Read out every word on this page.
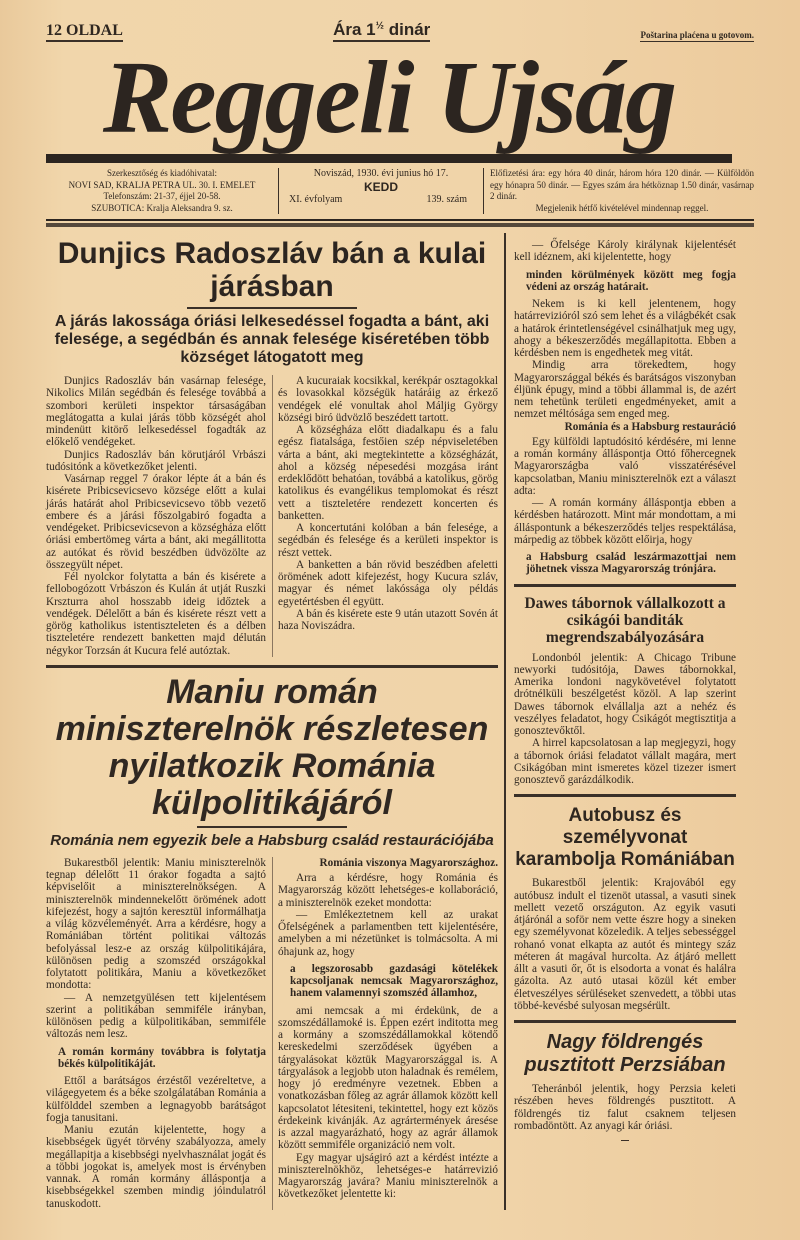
12 OLDAL	Ára $1^{\frac{1}{2}}$ dinár	Poštarina plaćena u gotovom.
Reggeli Ujság
Szerkesztőség és kiadóhivatal:
NOVI SAD, KRALJA PETRA UL. 30. I. EMELET
Telefonszám: 21-37, éjjel 20-58.
SZUBOTICA: Kralja Aleksandra 9. sz.
Noviszád, 1930. évi junius hó 17.
KEDD
XI. évfolyam	139. szám
Előfizetési ára: egy hóra 40 dinár, három hóra 120 dinár. — Külföldön egy hónapra 50 dinár. — Egyes szám ára hétköznap 1.50 dinár, vasárnap 2 dinár.
Megjelenik hétfő kivételével mindennap reggel.
Dunjics Radoszláv bán a kulai járásban
A járás lakossága óriási lelkesedéssel fogadta a bánt, aki felesége, a segédbán és annak felesége kiséretében több községet látogatott meg

Dunjics Radoszláv bán vasárnap felesége, Nikolics Milán segédbán és felesége továbbá a szombori kerületi inspektor társaságában meglátogatta a kulai járás több községét ahol mindenütt kitörő lelkesedéssel fogadták az előkelő vendégeket.

Dunjics Radoszláv bán körutjáról Vrbászi tudósitónk a következőket jelenti.

Vasárnap reggel 7 órakor lépte át a bán és kisérete Pribicsevicsevo községe előtt a kulai járás határát ahol Pribicsevicsevo több vezető embere és a járási főszolgabiró fogadta a vendégeket. Pribicsevicsevon a községháza előtt óriási embertömeg várta a bánt, aki megállitotta az autókat és rövid beszédben üdvözölte az összegyült népet.

Fél nyolckor folytatta a bán és kisérete a fellobogózott Vrbászon és Kulán át utját Ruszki Krszturra ahol hosszabb ideig időztek a vendégek. Délelőtt a bán és kisérete részt vett a görög katholikus istentiszteleten és a délben tiszteletére rendezett banketten majd délután négykor Torzsán át Kucura felé autóztak.

A kucuraiak kocsikkal, kerékpár osztagokkal és lovasokkal községük határáig az érkező vendégek elé vonultak ahol Máljig György községi biró üdvözlő beszédett tartott.

A községháza előtt diadalkapu és a falu egész fiatalsága, festőien szép népviseletében várta a bánt, aki megtekintette a községházát, ahol a község népesedési mozgása iránt erdeklődött behatóan, továbbá a katolikus, görög katolikus és evangélikus templomokat és részt vett a tiszteletére rendezett koncerten és banketten.

A koncertutáni kolóban a bán felesége, a segédbán és felesége és a kerületi inspektor is részt vettek.

A banketten a bán rövid beszédben afeletti örömének adott kifejezést, hogy Kucura szláv, magyar és német lakóssága oly példás egyetértésben él együtt.

A bán és kisérete este 9 után utazott Sovén át haza Noviszádra.

Maniu román miniszterelnök részletesen nyilatkozik Románia külpolitikájáról
Románia nem egyezik bele a Habsburg család restaurációjába

Bukarestből jelentik: Maniu miniszterelnök tegnap délelőtt 11 órakor fogadta a sajtó képviselőit a miniszterelnökségen. A miniszterelnök mindennekelőtt örömének adott kifejezést, hogy a sajtón keresztül informálhatja a világ közvéleményét. Arra a kérdésre, hogy a Romániában történt politikai változás befolyással lesz-e az ország külpolitikájára, különösen pedig a szomszéd országokkal folytatott politikára, Maniu a következőket mondotta:

— A nemzetgyülésen tett kijelentésem szerint a politikában semmiféle irányban, különösen pedig a külpolitikában, semmiféle változás nem lesz.

A román kormány továbbra is folytatja békés külpolitikáját.

Ettől a barátságos érzéstől vezéreltetve, a világegyetem és a béke szolgálatában Románia a külfölddel szemben a legnagyobb barátságot fogja tanusitani.

Maniu ezután kijelentette, hogy a kisebbségek ügyét törvény szabályozza, amely megállapitja a kisebbségi nyelvhasználat jogát és a többi jogokat is, amelyek most is érvényben vannak. A román kormány álláspontja a kisebbségekkel szemben mindig jóindulatról tanuskodott.

Románia viszonya Magyarországhoz.

Arra a kérdésre, hogy Románia és Magyarország között lehetséges-e kollaboráció, a miniszterelnök ezeket mondotta:

— Emlékeztetnem kell az urakat Őfelségének a parlamentben tett kijelentésére, amelyben a mi nézetünket is tolmácsolta. A mi óhajunk az, hogy

a legszorosabb gazdasági kötelékek kapcsoljanak nemcsak Magyarországhoz, hanem valamennyi szomszéd államhoz,

ami nemcsak a mi érdekünk, de a szomszédállamoké is. Éppen ezért inditotta meg a kormány a szomszédállamokkal kötendő kereskedelmi szerződések ügyében a tárgyalásokat köztük Magyarországgal is. A tárgyalások a legjobb uton haladnak és remélem, hogy jó eredményre vezetnek. Ebben a vonatkozásban főleg az agrár államok között kell kapcsolatot létesiteni, tekintettel, hogy ezt közös érdekeink kivánják. Az agrártermények áresése is azzal magyarázható, hogy az agrár államok között semmiféle organizáció nem volt.

Egy magyar ujságiró azt a kérdést intézte a miniszterelnökhöz, lehetséges-e határrevizió Magyarország javára? Maniu miniszterelnök a következőket jelentette ki:

— Őfelsége Károly királynak kijelentését kell idéznem, aki kijelentette, hogy

minden körülmények között meg fogja védeni az ország határait.

Nekem is ki kell jelentenem, hogy határrevizióról szó sem lehet és a világbékét csak a határok érintetlenségével csinálhatjuk meg ugy, ahogy a békeszerződés megállapitotta. Ebben a kérdésben nem is engedhetek meg vitát.

Mindig arra törekedtem, hogy Magyarországgal békés és barátságos viszonyban éljünk épugy, mind a többi állammal is, de azért nem tehetünk területi engedményeket, amit a nemzet méltósága sem enged meg.

Románia és a Habsburg restauráció

Egy külföldi laptudósitó kérdésére, mi lenne a román kormány álláspontja Ottó főhercegnek Magyarországba való visszatérésével kapcsolatban, Maniu miniszterelnök ezt a választ adta:

— A román kormány álláspontja ebben a kérdésben határozott. Mint már mondottam, a mi álláspontunk a békeszerződés teljes respektálása, márpedig az többek között előirja, hogy

a Habsburg család leszármazottjai nem jöhetnek vissza Magyarország trónjára.

Dawes tábornok vállalkozott a csikágói banditák megrendszabályozására

Londonból jelentik: A Chicago Tribune newyorki tudósitója, Dawes tábornokkal, Amerika londoni nagykövetével folytatott drótnélküli beszélgetést közöl. A lap szerint Dawes tábornok elvállalja azt a nehéz és veszélyes feladatot, hogy Csikágót megtisztitja a gonosztevőktől.

A hirrel kapcsolatosan a lap megjegyzi, hogy a tábornok óriási feladatot vállalt magára, mert Csikágóban mint ismeretes közel tizezer ismert gonosztevő garázdálkodik.

Autobusz és személyvonat karambolja Romániában

Bukarestből jelentik: Krajovából egy autóbusz indult el tizenöt utassal, a vasuti sinek mellett vezető országuton. Az egyik vasuti átjárónál a soför nem vette észre hogy a sineken egy személyvonat közeledik. A teljes sebességgel rohanó vonat elkapta az autót és mintegy száz méteren át magával hurcolta. Az átjáró mellett állt a vasuti őr, őt is elsodorta a vonat és halálra gázolta. Az autó utasai közül két ember életveszélyes sérüléseket szenvedett, a többi utas többé-kevésbé sulyosan megsérült.

Nagy földrengés pusztitott Perzsiában

Teheránból jelentik, hogy Perzsia keleti részében heves földrengés pusztitott. A földrengés tiz falut csaknem teljesen rombadöntött. Az anyagi kár óriási.
